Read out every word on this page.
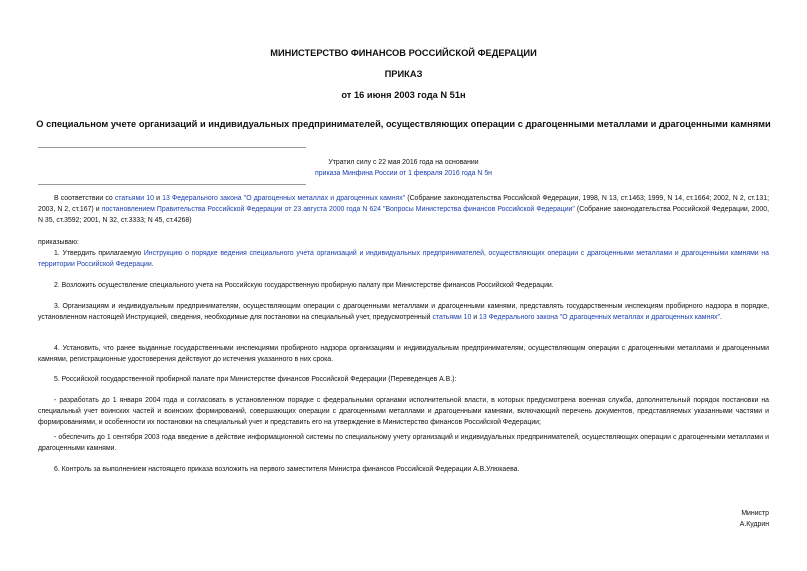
МИНИСТЕРСТВО ФИНАНСОВ РОССИЙСКОЙ ФЕДЕРАЦИИ
ПРИКАЗ
от 16 июня 2003 года N 51н
О специальном учете организаций и индивидуальных предпринимателей, осуществляющих операции с драгоценными металлами и драгоценными камнями
Утратил силу с 22 мая 2016 года на основании
приказа Минфина России от 1 февраля 2016 года N 5н
В соответствии со статьями 10 и 13 Федерального закона "О драгоценных металлах и драгоценных камнях" (Собрание законодательства Российской Федерации, 1998, N 13, ст.1463; 1999, N 14, ст.1664; 2002, N 2, ст.131; 2003, N 2, ст.167) и постановлением Правительства Российской Федерации от 23 августа 2000 года N 624 "Вопросы Министерства финансов Российской Федерации" (Собрание законодательства Российской Федерации, 2000, N 35, ст.3592; 2001, N 32, ст.3333; N 45, ст.4268)
приказываю:
1. Утвердить прилагаемую Инструкцию о порядке ведения специального учета организаций и индивидуальных предпринимателей, осуществляющих операции с драгоценными металлами и драгоценными камнями на территории Российской Федерации.
2. Возложить осуществление специального учета на Российскую государственную пробирную палату при Министерстве финансов Российской Федерации.
3. Организациям и индивидуальным предпринимателям, осуществляющим операции с драгоценными металлами и драгоценными камнями, представлять государственным инспекциям пробирного надзора в порядке, установленном настоящей Инструкцией, сведения, необходимые для постановки на специальный учет, предусмотренный статьями 10 и 13 Федерального закона "О драгоценных металлах и драгоценных камнях".
4. Установить, что ранее выданные государственными инспекциями пробирного надзора организациям и индивидуальным предпринимателям, осуществляющим операции с драгоценными металлами и драгоценными камнями, регистрационные удостоверения действуют до истечения указанного в них срока.
5. Российской государственной пробирной палате при Министерстве финансов Российской Федерации (Переведенцев А.В.):
- разработать до 1 января 2004 года и согласовать в установленном порядке с федеральными органами исполнительной власти, в которых предусмотрена военная служба, дополнительный порядок постановки на специальный учет воинских частей и воинских формирований, совершающих операции с драгоценными металлами и драгоценными камнями, включающий перечень документов, представляемых указанными частями и формированиями, и особенности их постановки на специальный учет и представить его на утверждение в Министерство финансов Российской Федерации;
- обеспечить до 1 сентября 2003 года введение в действие информационной системы по специальному учету организаций и индивидуальных предпринимателей, осуществляющих операции с драгоценными металлами и драгоценными камнями.
6. Контроль за выполнением настоящего приказа возложить на первого заместителя Министра финансов Российской Федерации А.В.Улюкаева.
Министр
А.Кудрин
